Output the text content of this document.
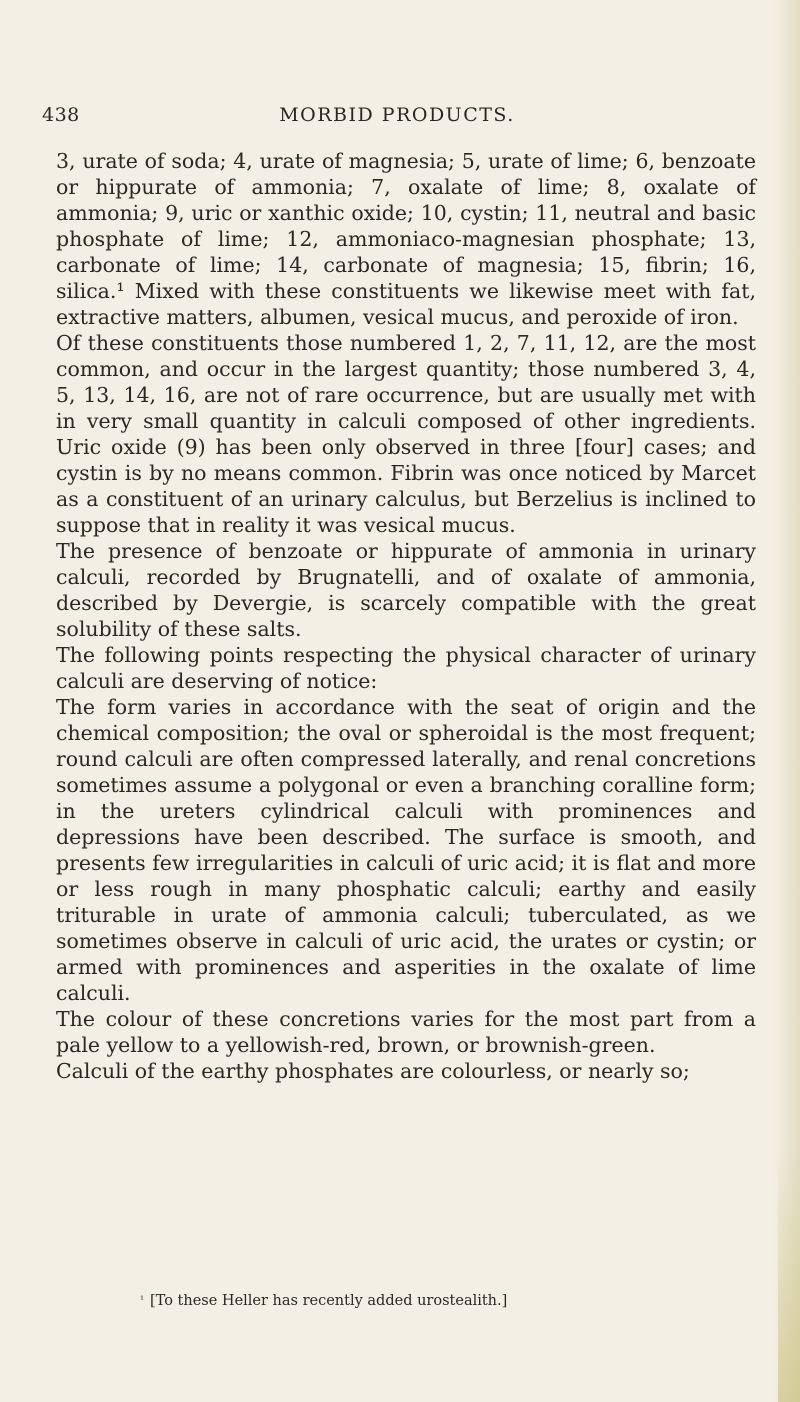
438	MORBID PRODUCTS.

3, urate of soda; 4, urate of magnesia; 5, urate of lime; 6, benzoate or hippurate of ammonia; 7, oxalate of lime; 8, oxalate of ammonia; 9, uric or xanthic oxide; 10, cystin; 11, neutral and basic phosphate of lime; 12, ammoniaco-magnesian phosphate; 13, carbonate of lime; 14, carbonate of magnesia; 15, fibrin; 16, silica.¹ Mixed with these constituents we likewise meet with fat, extractive matters, albumen, vesical mucus, and peroxide of iron.

Of these constituents those numbered 1, 2, 7, 11, 12, are the most common, and occur in the largest quantity; those numbered 3, 4, 5, 13, 14, 16, are not of rare occurrence, but are usually met with in very small quantity in calculi composed of other ingredients. Uric oxide (9) has been only observed in three [four] cases; and cystin is by no means common. Fibrin was once noticed by Marcet as a constituent of an urinary calculus, but Berzelius is inclined to suppose that in reality it was vesical mucus.

The presence of benzoate or hippurate of ammonia in urinary calculi, recorded by Brugnatelli, and of oxalate of ammonia, described by Devergie, is scarcely compatible with the great solubility of these salts.

The following points respecting the physical character of urinary calculi are deserving of notice:

The form varies in accordance with the seat of origin and the chemical composition; the oval or spheroidal is the most frequent; round calculi are often compressed laterally, and renal concretions sometimes assume a polygonal or even a branching coralline form; in the ureters cylindrical calculi with prominences and depressions have been described. The surface is smooth, and presents few irregularities in calculi of uric acid; it is flat and more or less rough in many phosphatic calculi; earthy and easily triturable in urate of ammonia calculi; tuberculated, as we sometimes observe in calculi of uric acid, the urates or cystin; or armed with prominences and asperities in the oxalate of lime calculi.

The colour of these concretions varies for the most part from a pale yellow to a yellowish-red, brown, or brownish-green.

Calculi of the earthy phosphates are colourless, or nearly so;

$^{^1}$ [To these Heller has recently added urostealith.]
